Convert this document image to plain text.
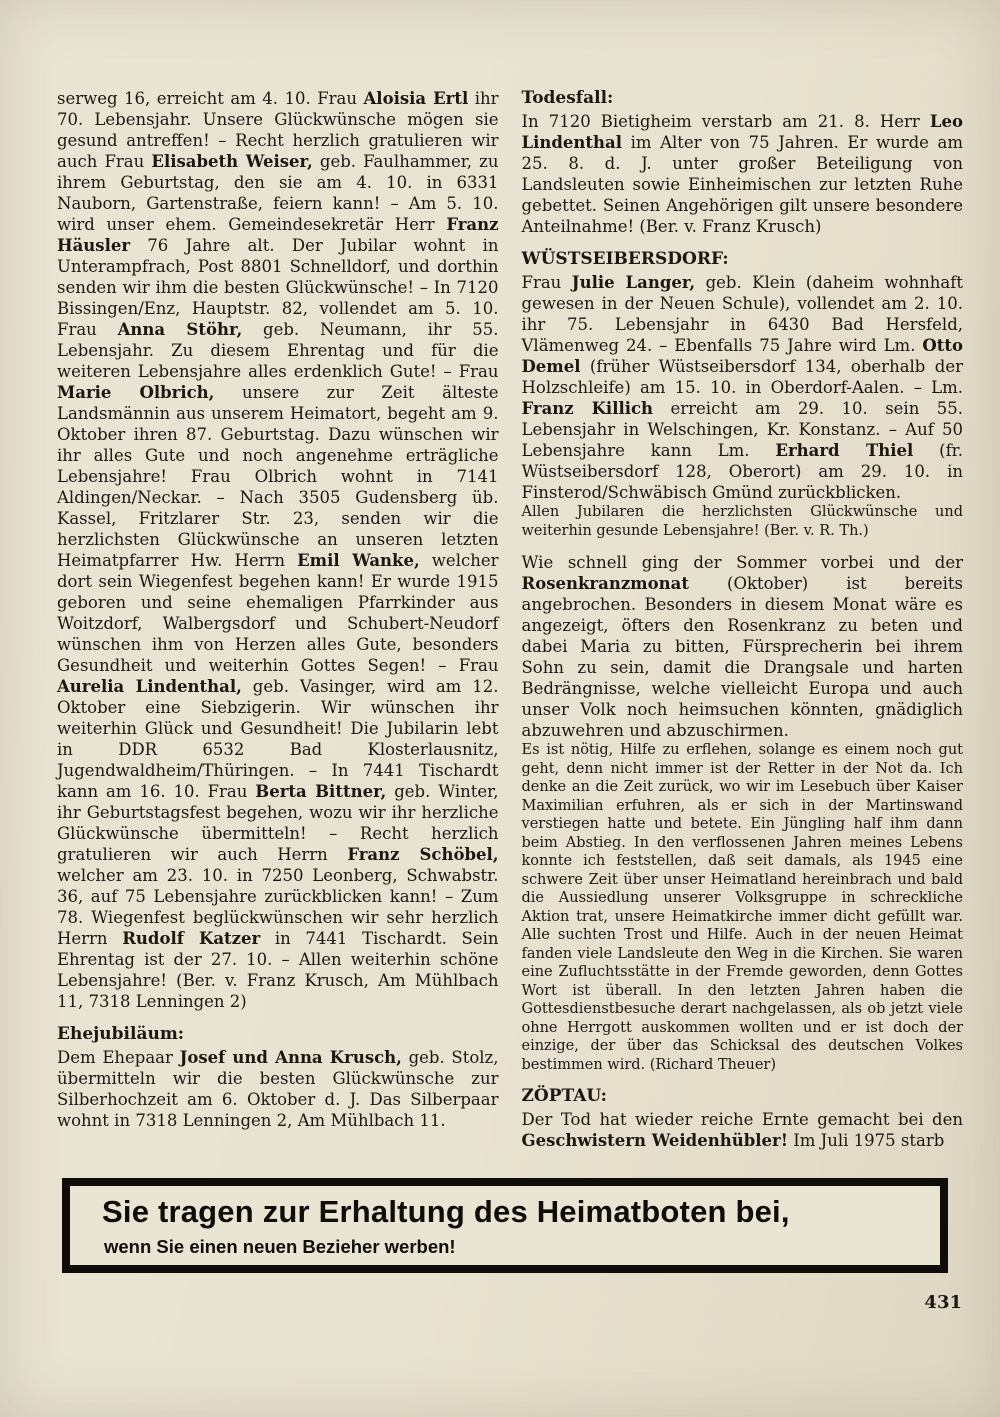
serweg 16, erreicht am 4. 10. Frau Aloisia Ertl ihr 70. Lebensjahr. Unsere Glückwünsche mögen sie gesund antreffen! – Recht herzlich gratulieren wir auch Frau Elisabeth Weiser, geb. Faulhammer, zu ihrem Geburtstag, den sie am 4. 10. in 6331 Nauborn, Gartenstraße, feiern kann! – Am 5. 10. wird unser ehem. Gemeindesekretär Herr Franz Häusler 76 Jahre alt. Der Jubilar wohnt in Unterampfrach, Post 8801 Schnelldorf, und dorthin senden wir ihm die besten Glückwünsche! – In 7120 Bissingen/Enz, Hauptstr. 82, vollendet am 5. 10. Frau Anna Stöhr, geb. Neumann, ihr 55. Lebensjahr. Zu diesem Ehrentag und für die weiteren Lebensjahre alles erdenklich Gute! – Frau Marie Olbrich, unsere zur Zeit älteste Landsmännin aus unserem Heimatort, begeht am 9. Oktober ihren 87. Geburtstag. Dazu wünschen wir ihr alles Gute und noch angenehme erträgliche Lebensjahre! Frau Olbrich wohnt in 7141 Aldingen/Neckar. – Nach 3505 Gudensberg üb. Kassel, Fritzlarer Str. 23, senden wir die herzlichsten Glückwünsche an unseren letzten Heimatpfarrer Hw. Herrn Emil Wanke, welcher dort sein Wiegenfest begehen kann! Er wurde 1915 geboren und seine ehemaligen Pfarrkinder aus Woitzdorf, Walbergsdorf und Schubert-Neudorf wünschen ihm von Herzen alles Gute, besonders Gesundheit und weiterhin Gottes Segen! – Frau Aurelia Lindenthal, geb. Vasinger, wird am 12. Oktober eine Siebzigerin. Wir wünschen ihr weiterhin Glück und Gesundheit! Die Jubilarin lebt in DDR 6532 Bad Klosterlausnitz, Jugendwaldheim/Thüringen. – In 7441 Tischardt kann am 16. 10. Frau Berta Bittner, geb. Winter, ihr Geburtstagsfest begehen, wozu wir ihr herzliche Glückwünsche übermitteln! – Recht herzlich gratulieren wir auch Herrn Franz Schöbel, welcher am 23. 10. in 7250 Leonberg, Schwabstr. 36, auf 75 Lebensjahre zurückblicken kann! – Zum 78. Wiegenfest beglückwünschen wir sehr herzlich Herrn Rudolf Katzer in 7441 Tischardt. Sein Ehrentag ist der 27. 10. – Allen weiterhin schöne Lebensjahre! (Ber. v. Franz Krusch, Am Mühlbach 11, 7318 Lenningen 2)

Ehejubiläum:

Dem Ehepaar Josef und Anna Krusch, geb. Stolz, übermitteln wir die besten Glückwünsche zur Silberhochzeit am 6. Oktober d. J. Das Silberpaar wohnt in 7318 Lenningen 2, Am Mühlbach 11.

Todesfall:

In 7120 Bietigheim verstarb am 21. 8. Herr Leo Lindenthal im Alter von 75 Jahren. Er wurde am 25. 8. d. J. unter großer Beteiligung von Landsleuten sowie Einheimischen zur letzten Ruhe gebettet. Seinen Angehörigen gilt unsere besondere Anteilnahme! (Ber. v. Franz Krusch)

WÜSTSEIBERSDORF:

Frau Julie Langer, geb. Klein (daheim wohnhaft gewesen in der Neuen Schule), vollendet am 2. 10. ihr 75. Lebensjahr in 6430 Bad Hersfeld, Vlämenweg 24. – Ebenfalls 75 Jahre wird Lm. Otto Demel (früher Wüstseibersdorf 134, oberhalb der Holzschleife) am 15. 10. in Oberdorf-Aalen. – Lm. Franz Killich erreicht am 29. 10. sein 55. Lebensjahr in Welschingen, Kr. Konstanz. – Auf 50 Lebensjahre kann Lm. Erhard Thiel (fr. Wüstseibersdorf 128, Oberort) am 29. 10. in Finsterod/Schwäbisch Gmünd zurückblicken.

Allen Jubilaren die herzlichsten Glückwünsche und weiterhin gesunde Lebensjahre! (Ber. v. R. Th.)

Wie schnell ging der Sommer vorbei und der Rosenkranzmonat (Oktober) ist bereits angebrochen. Besonders in diesem Monat wäre es angezeigt, öfters den Rosenkranz zu beten und dabei Maria zu bitten, Fürsprecherin bei ihrem Sohn zu sein, damit die Drangsale und harten Bedrängnisse, welche vielleicht Europa und auch unser Volk noch heimsuchen könnten, gnädiglich abzuwehren und abzuschirmen.

Es ist nötig, Hilfe zu erflehen, solange es einem noch gut geht, denn nicht immer ist der Retter in der Not da. Ich denke an die Zeit zurück, wo wir im Lesebuch über Kaiser Maximilian erfuhren, als er sich in der Martinswand verstiegen hatte und betete. Ein Jüngling half ihm dann beim Abstieg. In den verflossenen Jahren meines Lebens konnte ich feststellen, daß seit damals, als 1945 eine schwere Zeit über unser Heimatland hereinbrach und bald die Aussiedlung unserer Volksgruppe in schreckliche Aktion trat, unsere Heimatkirche immer dicht gefüllt war. Alle suchten Trost und Hilfe. Auch in der neuen Heimat fanden viele Landsleute den Weg in die Kirchen. Sie waren eine Zufluchtsstätte in der Fremde geworden, denn Gottes Wort ist überall. In den letzten Jahren haben die Gottesdienstbesuche derart nachgelassen, als ob jetzt viele ohne Herrgott auskommen wollten und er ist doch der einzige, der über das Schicksal des deutschen Volkes bestimmen wird. (Richard Theuer)

ZÖPTAU:

Der Tod hat wieder reiche Ernte gemacht bei den Geschwistern Weidenhübler! Im Juli 1975 starb

Sie tragen zur Erhaltung des Heimatboten bei,
wenn Sie einen neuen Bezieher werben!
431
